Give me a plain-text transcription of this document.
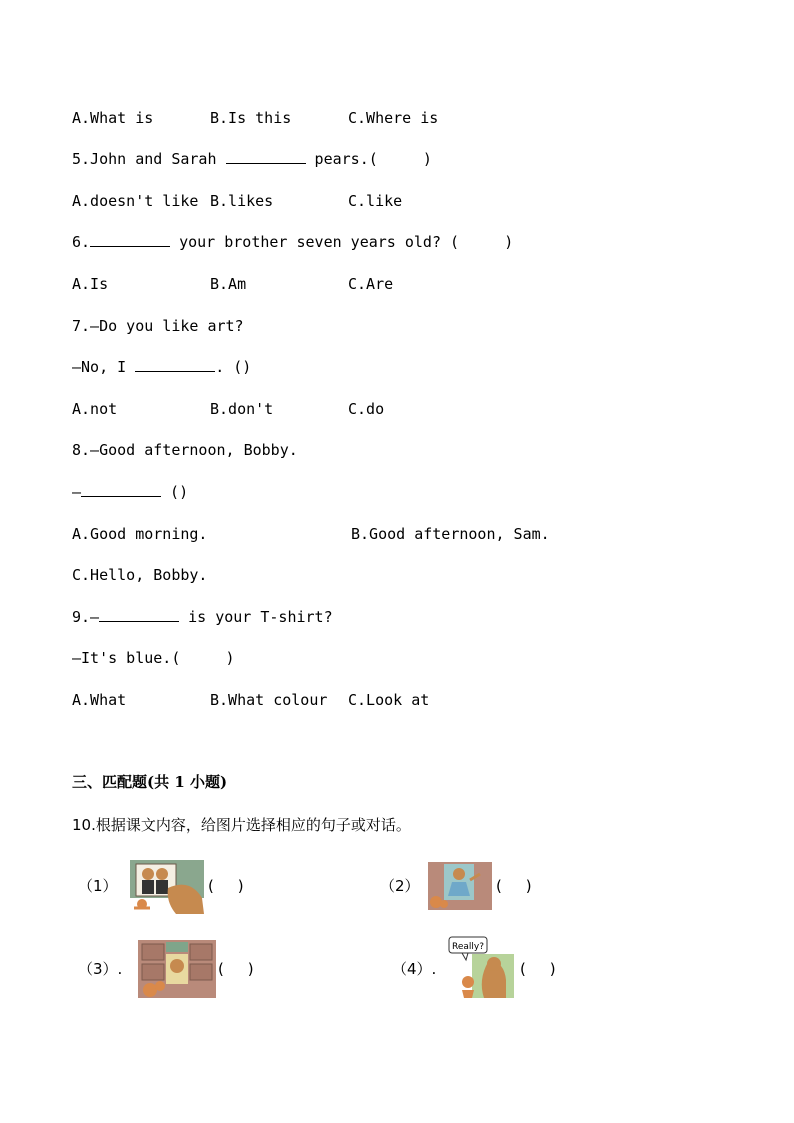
A.What is	B.Is this	C.Where is
5.John and Sarah	pears.(     )
A.doesn't like B.likes	C.like
6.	your brother seven years old? (     )
A.Is	B.Am	C.Are
7.—Do you like art?
—No, I	. ()
A.not	B.don't	C.do
8.—Good afternoon, Bobby.
—	()
A.Good morning.	B.Good afternoon, Sam.
C.Hello, Bobby.
9.—	is your T-shirt?
—It's blue.(     )
A.What	B.What colour C.Look at
三、匹配题(共 1 小题)
10.根据课文内容，给图片选择相应的句子或对话。
（1）	(     )	（2）	(     )
（3）.	(     )	（4）.
Really?
(     )
